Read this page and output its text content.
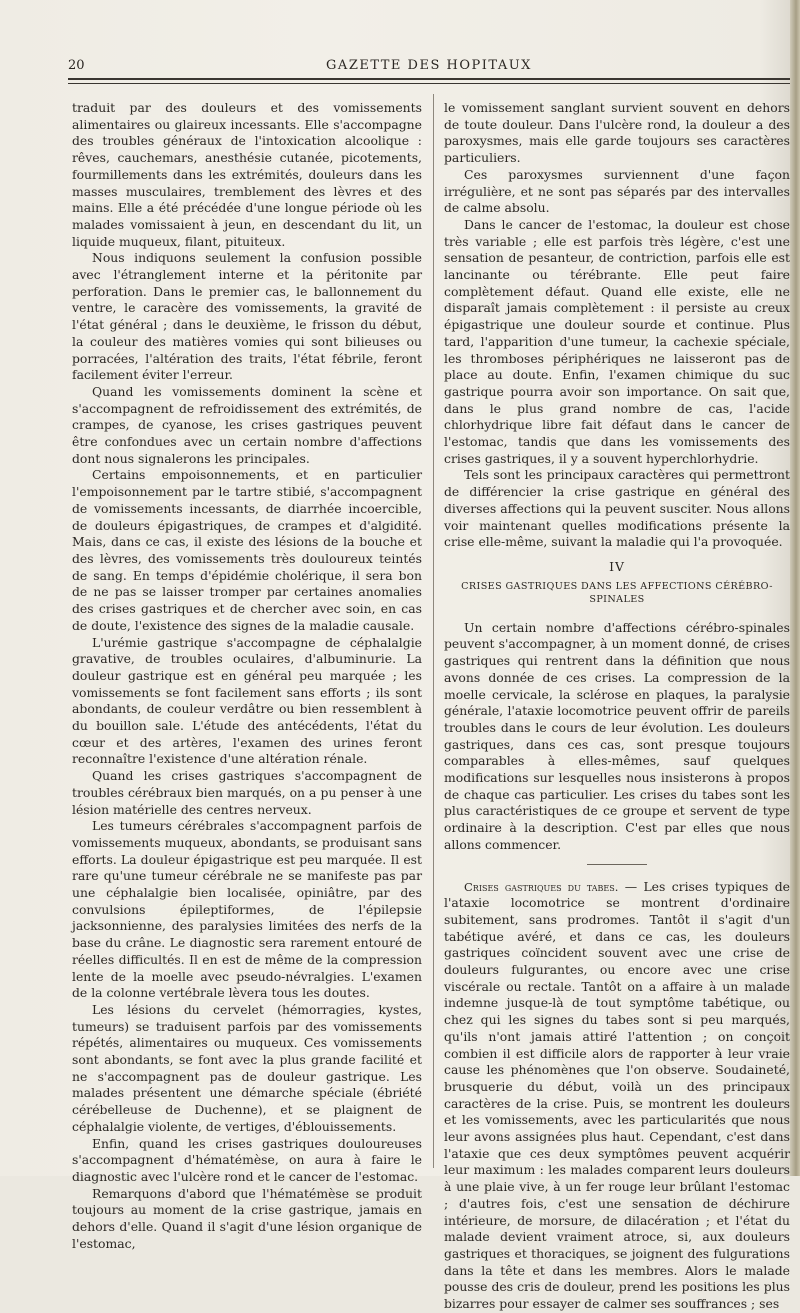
20	GAZETTE DES HOPITAUX

traduit par des douleurs et des vomissements alimentaires ou glaireux incessants. Elle s'accompagne des troubles généraux de l'intoxication alcoolique : rêves, cauchemars, anesthésie cutanée, picotements, fourmillements dans les extrémités, douleurs dans les masses musculaires, tremblement des lèvres et des mains. Elle a été précédée d'une longue période où les malades vomissaient à jeun, en descendant du lit, un liquide muqueux, filant, pituiteux.

Nous indiquons seulement la confusion possible avec l'étranglement interne et la péritonite par perforation. Dans le premier cas, le ballonnement du ventre, le caracère des vomissements, la gravité de l'état général ; dans le deuxième, le frisson du début, la couleur des matières vomies qui sont bilieuses ou porracées, l'altération des traits, l'état fébrile, feront facilement éviter l'erreur.

Quand les vomissements dominent la scène et s'accompagnent de refroidissement des extrémités, de crampes, de cyanose, les crises gastriques peuvent être confondues avec un certain nombre d'affections dont nous signalerons les principales.

Certains empoisonnements, et en particulier l'empoisonnement par le tartre stibié, s'accompagnent de vomissements incessants, de diarrhée incoercible, de douleurs épigastriques, de crampes et d'algidité. Mais, dans ce cas, il existe des lésions de la bouche et des lèvres, des vomissements très douloureux teintés de sang. En temps d'épidémie cholérique, il sera bon de ne pas se laisser tromper par certaines anomalies des crises gastriques et de chercher avec soin, en cas de doute, l'existence des signes de la maladie causale.

L'urémie gastrique s'accompagne de céphalalgie gravative, de troubles oculaires, d'albuminurie. La douleur gastrique est en général peu marquée ; les vomissements se font facilement sans efforts ; ils sont abondants, de couleur verdâtre ou bien ressemblent à du bouillon sale. L'étude des antécédents, l'état du cœur et des artères, l'examen des urines feront reconnaître l'existence d'une altération rénale.

Quand les crises gastriques s'accompagnent de troubles cérébraux bien marqués, on a pu penser à une lésion matérielle des centres nerveux.

Les tumeurs cérébrales s'accompagnent parfois de vomissements muqueux, abondants, se produisant sans efforts. La douleur épigastrique est peu marquée. Il est rare qu'une tumeur cérébrale ne se manifeste pas par une céphalalgie bien localisée, opiniâtre, par des convulsions épileptiformes, de l'épilepsie jacksonnienne, des paralysies limitées des nerfs de la base du crâne. Le diagnostic sera rarement entouré de réelles difficultés. Il en est de même de la compression lente de la moelle avec pseudo-névralgies. L'examen de la colonne vertébrale lèvera tous les doutes.

Les lésions du cervelet (hémorragies, kystes, tumeurs) se traduisent parfois par des vomissements répétés, alimentaires ou muqueux. Ces vomissements sont abondants, se font avec la plus grande facilité et ne s'accompagnent pas de douleur gastrique. Les malades présentent une démarche spéciale (ébriété cérébelleuse de Duchenne), et se plaignent de céphalalgie violente, de vertiges, d'éblouissements.

Enfin, quand les crises gastriques douloureuses s'accompagnent d'hématémèse, on aura à faire le diagnostic avec l'ulcère rond et le cancer de l'estomac.

Remarquons d'abord que l'hématémèse se produit toujours au moment de la crise gastrique, jamais en dehors d'elle. Quand il s'agit d'une lésion organique de l'estomac,

le vomissement sanglant survient souvent en dehors de toute douleur. Dans l'ulcère rond, la douleur a des paroxysmes, mais elle garde toujours ses caractères particuliers.

Ces paroxysmes surviennent d'une façon irrégulière, et ne sont pas séparés par des intervalles de calme absolu.

Dans le cancer de l'estomac, la douleur est chose très variable ; elle est parfois très légère, c'est une sensation de pesanteur, de contriction, parfois elle est lancinante ou térébrante. Elle peut faire complètement défaut. Quand elle existe, elle ne disparaît jamais complètement : il persiste au creux épigastrique une douleur sourde et continue. Plus tard, l'apparition d'une tumeur, la cachexie spéciale, les thromboses périphériques ne laisseront pas de place au doute. Enfin, l'examen chimique du suc gastrique pourra avoir son importance. On sait que, dans le plus grand nombre de cas, l'acide chlorhydrique libre fait défaut dans le cancer de l'estomac, tandis que dans les vomissements des crises gastriques, il y a souvent hyperchlorhydrie.

Tels sont les principaux caractères qui permettront de différencier la crise gastrique en général des diverses affections qui la peuvent susciter. Nous allons voir maintenant quelles modifications présente la crise elle-même, suivant la maladie qui l'a provoquée.

IV
CRISES GASTRIQUES DANS LES AFFECTIONS CÉRÉBRO-SPINALES

Un certain nombre d'affections cérébro-spinales peuvent s'accompagner, à un moment donné, de crises gastriques qui rentrent dans la définition que nous avons donnée de ces crises. La compression de la moelle cervicale, la sclérose en plaques, la paralysie générale, l'ataxie locomotrice peuvent offrir de pareils troubles dans le cours de leur évolution. Les douleurs gastriques, dans ces cas, sont presque toujours comparables à elles-mêmes, sauf quelques modifications sur lesquelles nous insisterons à propos de chaque cas particulier. Les crises du tabes sont les plus caractéristiques de ce groupe et servent de type ordinaire à la description. C'est par elles que nous allons commencer.

Crises gastriques du tabes. — Les crises typiques de l'ataxie locomotrice se montrent d'ordinaire subitement, sans prodromes. Tantôt il s'agit d'un tabétique avéré, et dans ce cas, les douleurs gastriques coïncident souvent avec une crise de douleurs fulgurantes, ou encore avec une crise viscérale ou rectale. Tantôt on a affaire à un malade indemne jusque-là de tout symptôme tabétique, ou chez qui les signes du tabes sont si peu marqués, qu'ils n'ont jamais attiré l'attention ; on conçoit combien il est difficile alors de rapporter à leur vraie cause les phénomènes que l'on observe. Soudaineté, brusquerie du début, voilà un des principaux caractères de la crise. Puis, se montrent les douleurs et les vomissements, avec les particularités que nous leur avons assignées plus haut. Cependant, c'est dans l'ataxie que ces deux symptômes peuvent acquérir leur maximum : les malades comparent leurs douleurs à une plaie vive, à un fer rouge leur brûlant l'estomac ; d'autres fois, c'est une sensation de déchirure intérieure, de morsure, de dilacération ; et l'état du malade devient vraiment atroce, si, aux douleurs gastriques et thoraciques, se joignent des fulgurations dans la tête et dans les membres. Alors le malade pousse des cris de douleur, prend les positions les plus bizarres pour essayer de calmer ses souffrances ; ses
